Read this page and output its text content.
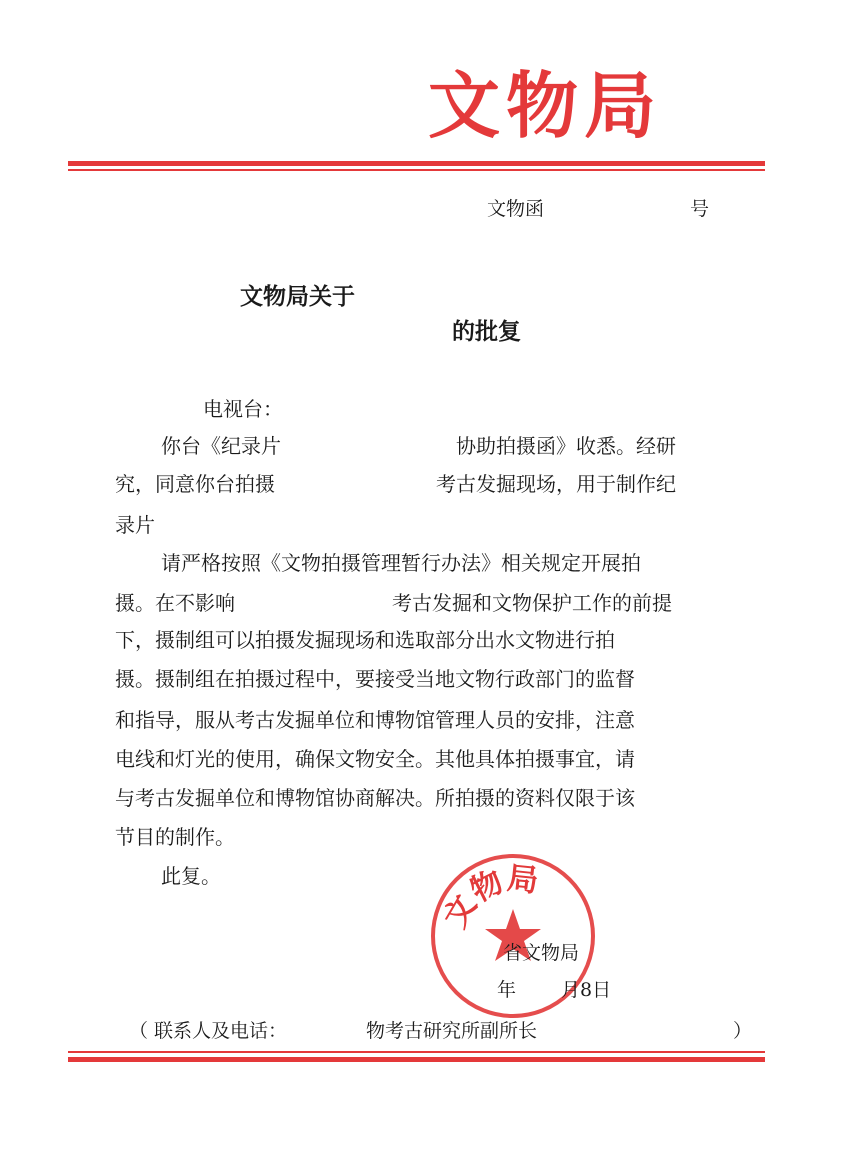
文物局
文物函	号
文物局关于
的批复
电视台：
你台《纪录片	协助拍摄函》收悉。经研
究，同意你台拍摄	考古发掘现场，用于制作纪
录片
请严格按照《文物拍摄管理暂行办法》相关规定开展拍
摄。在不影响	考古发掘和文物保护工作的前提
下，摄制组可以拍摄发掘现场和选取部分出水文物进行拍
摄。摄制组在拍摄过程中，要接受当地文物行政部门的监督
和指导，服从考古发掘单位和博物馆管理人员的安排，注意
电线和灯光的使用，确保文物安全。其他具体拍摄事宜，请
与考古发掘单位和博物馆协商解决。所拍摄的资料仅限于该
节目的制作。
此复。
文物局
省文物局
年 月8日
（ 联系人及电话：	物考古研究所副所长	）
